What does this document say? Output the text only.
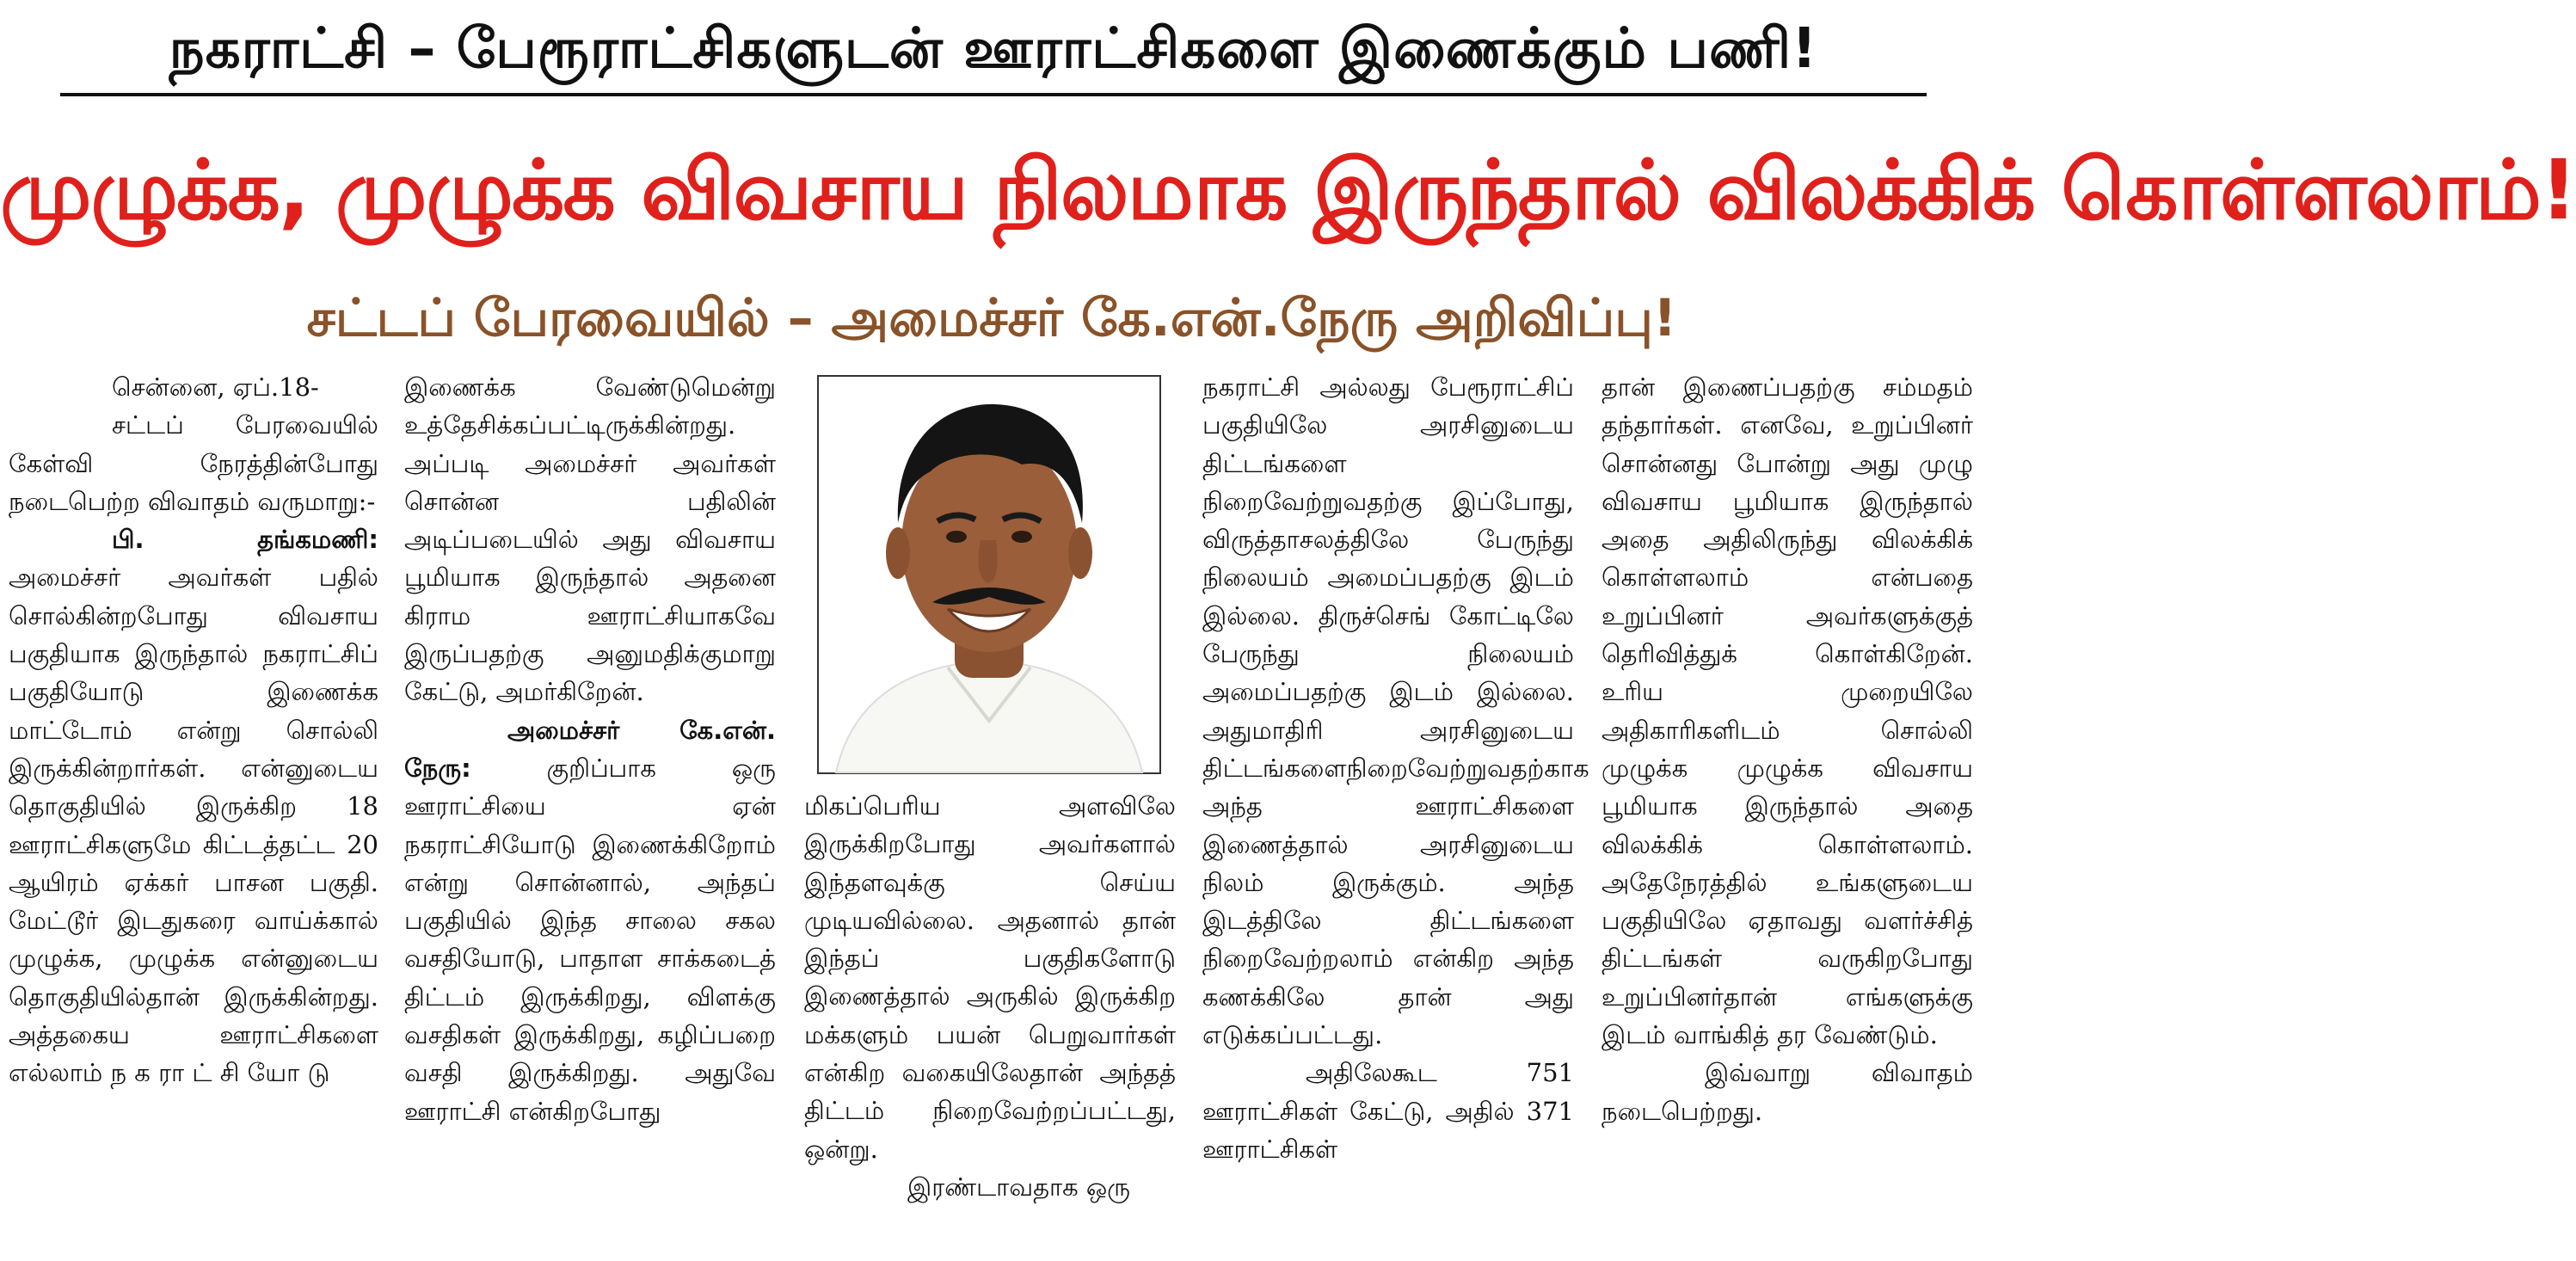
நகராட்சி – பேரூராட்சிகளுடன் ஊராட்சிகளை இணைக்கும் பணி!
முழுக்க, முழுக்க விவசாய நிலமாக இருந்தால் விலக்கிக் கொள்ளலாம்!
சட்டப் பேரவையில் – அமைச்சர் கே.என்.நேரு அறிவிப்பு!

சென்னை, ஏப்.18-

சட்டப் பேரவையில் கேள்வி நேரத்தின்போது நடைபெற்ற விவாதம் வருமாறு:-

பி. தங்கமணி: அமைச்சர் அவர்கள் பதில் சொல்கின்றபோது விவசாய பகுதியாக இருந்தால் நகராட்சிப் பகுதியோடு இணைக்க மாட்டோம் என்று சொல்லி இருக்கின்றார்கள். என்னுடைய தொகுதியில் இருக்கிற 18 ஊராட்சிகளுமே கிட்டத்தட்ட 20 ஆயிரம் ஏக்கர் பாசன பகுதி. மேட்டூர் இடதுகரை வாய்க்கால் முழுக்க, முழுக்க என்னுடைய தொகுதியில்தான் இருக்கின்றது. அத்தகைய ஊராட்சிகளை எல்லாம் ந க ரா ட் சி யோ டு

இணைக்க வேண்டுமென்று உத்தேசிக்கப்பட்டிருக்கின்றது. அப்படி அமைச்சர் அவர்கள் சொன்ன பதிலின் அடிப்படையில் அது விவசாய பூமியாக இருந்தால் அதனை கிராம ஊராட்சியாகவே இருப்பதற்கு அனுமதிக்குமாறு கேட்டு, அமர்கிறேன்.

அமைச்சர் கே.என். நேரு:	குறிப்பாக ஒரு ஊராட்சியை ஏன் நகராட்சியோடு இணைக்கிறோம் என்று சொன்னால், அந்தப் பகுதியில் இந்த சாலை சகல வசதியோடு, பாதாள சாக்கடைத் திட்டம் இருக்கிறது, விளக்கு வசதிகள் இருக்கிறது, கழிப்பறை வசதி இருக்கிறது. அதுவே ஊராட்சி என்கிறபோது

மிகப்பெரிய அளவிலே இருக்கிறபோது அவர்களால் இந்தளவுக்கு செய்ய முடியவில்லை. அதனால் தான் இந்தப் பகுதிகளோடு இணைத்தால் அருகில் இருக்கிற மக்களும் பயன் பெறுவார்கள் என்கிற வகையிலேதான் அந்தத் திட்டம் நிறைவேற்றப்பட்டது, ஒன்று.

இரண்டாவதாக ஒரு

நகராட்சி அல்லது பேரூராட்சிப் பகுதியிலே அரசினுடைய திட்டங்களை நிறைவேற்றுவதற்கு இப்போது, விருத்தாசலத்திலே பேருந்து நிலையம் அமைப்பதற்கு இடம் இல்லை. திருச்செங் கோட்டிலே பேருந்து நிலையம் அமைப்பதற்கு இடம் இல்லை. அதுமாதிரி அரசினுடைய திட்டங்களைநிறைவேற்றுவதற்காக அந்த ஊராட்சிகளை இணைத்தால் அரசினுடைய நிலம் இருக்கும். அந்த இடத்திலே திட்டங்களை நிறைவேற்றலாம் என்கிற அந்த கணக்கிலே தான் அது எடுக்கப்பட்டது.

அதிலேகூட 751 ஊராட்சிகள் கேட்டு, அதில் 371 ஊராட்சிகள்

தான் இணைப்பதற்கு சம்மதம் தந்தார்கள். எனவே, உறுப்பினர் சொன்னது போன்று அது முழு விவசாய பூமியாக இருந்தால் அதை அதிலிருந்து விலக்கிக் கொள்ளலாம் என்பதை உறுப்பினர் அவர்களுக்குத் தெரிவித்துக் கொள்கிறேன். உரிய முறையிலே அதிகாரிகளிடம் சொல்லி முழுக்க முழுக்க விவசாய பூமியாக இருந்தால் அதை விலக்கிக் கொள்ளலாம். அதேநேரத்தில் உங்களுடைய பகுதியிலே ஏதாவது வளர்ச்சித் திட்டங்கள் வருகிறபோது உறுப்பினர்தான் எங்களுக்கு இடம் வாங்கித் தர வேண்டும்.

இவ்வாறு விவாதம் நடைபெற்றது.
